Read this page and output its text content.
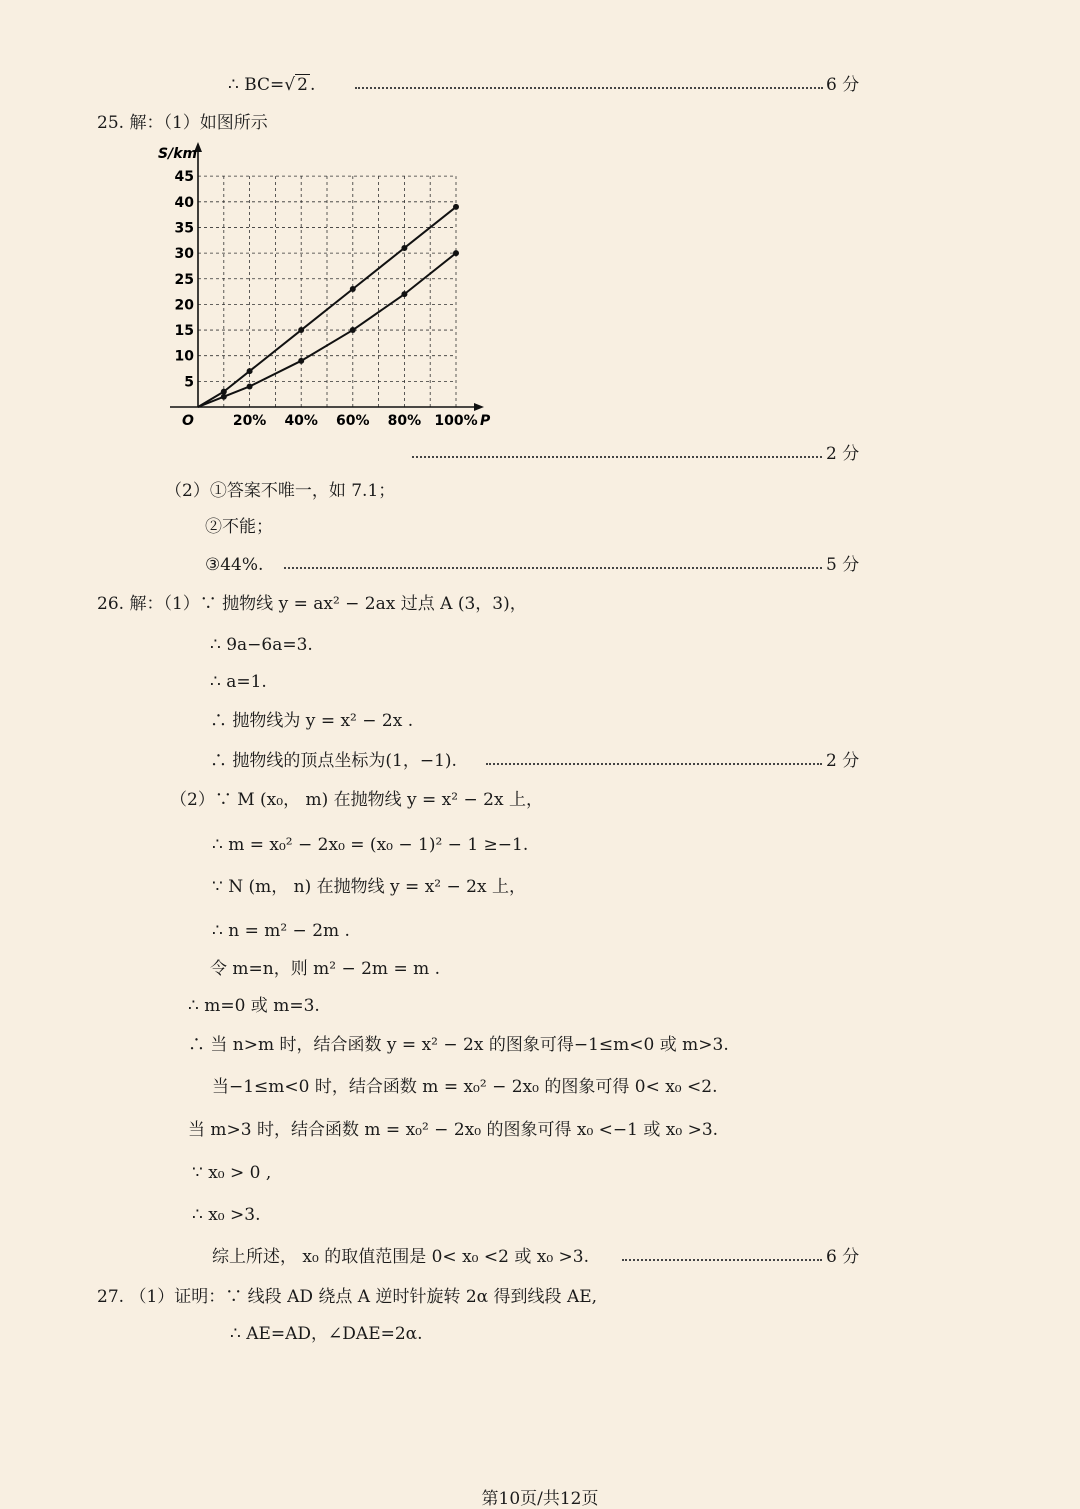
∴ BC=√ 2 .	6 分
25. 解：（1）如图所示
S/km
P
O
5
10
15
20
25
30
35
40
45
20% 40% 60% 80% 100%
2 分
（2）①答案不唯一，如 7.1；
②不能；
③44%.	5 分
26. 解：（1）∵ 抛物线 y = ax² − 2ax 过点 A (3，3)，
∴ 9a−6a=3.
∴ a=1.
∴ 抛物线为 y = x² − 2x .
∴ 抛物线的顶点坐标为(1，−1).	2 分
（2）∵ M (x₀， m) 在抛物线 y = x² − 2x 上，
∴ m = x₀² − 2x₀ = (x₀ − 1)² − 1 ≥−1.
∵ N (m， n) 在抛物线 y = x² − 2x 上，
∴ n = m² − 2m .
令 m=n，则 m² − 2m = m .
∴ m=0 或 m=3.
∴ 当 n>m 时，结合函数 y = x² − 2x 的图象可得−1≤m<0 或 m>3.
当−1≤m<0 时，结合函数 m = x₀² − 2x₀ 的图象可得 0< x₀ <2.
当 m>3 时，结合函数 m = x₀² − 2x₀ 的图象可得 x₀ <−1 或 x₀ >3.
∵ x₀ > 0 ,
∴ x₀ >3.
综上所述， x₀ 的取值范围是 0< x₀ <2 或 x₀ >3.	6 分
27. （1）证明：∵ 线段 AD 绕点 A 逆时针旋转 2α 得到线段 AE,
∴ AE=AD，∠DAE=2α.
第10页/共12页
